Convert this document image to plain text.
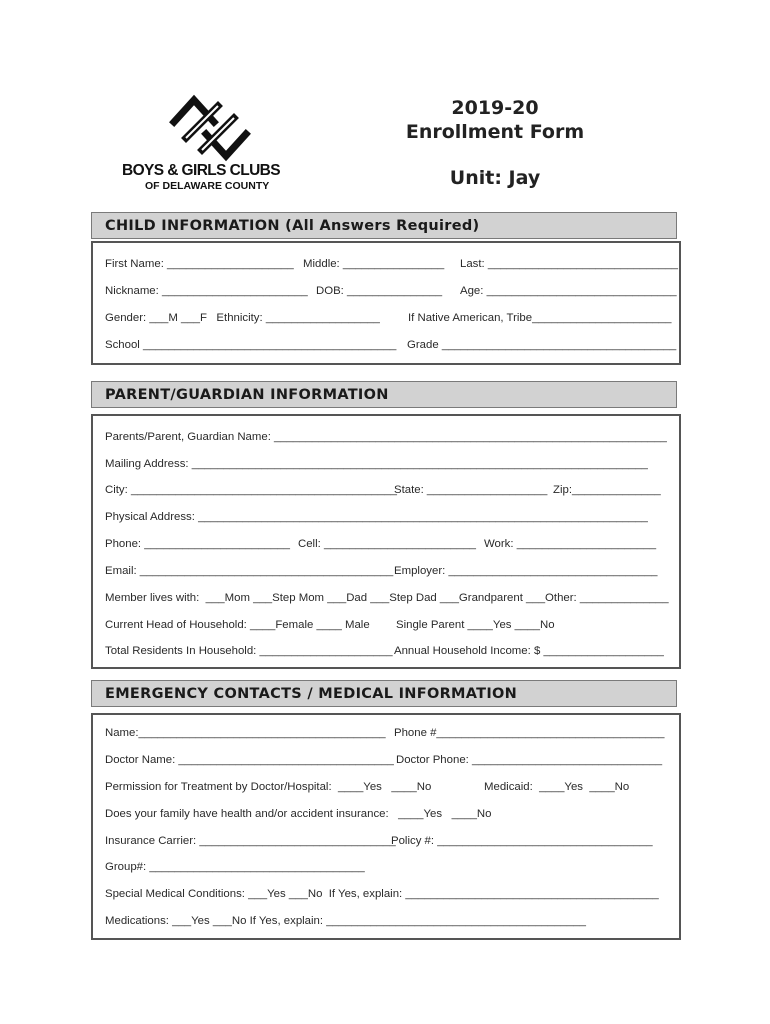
BOYS & GIRLS CLUBS
OF DELAWARE COUNTY
2019-20
Enrollment Form
Unit: Jay
CHILD INFORMATION (All Answers Required)
First Name: ____________________ Middle: ________________ Last: ______________________________
Nickname: _______________________ DOB: _______________ Age: ______________________________
Gender: ___M ___F   Ethnicity: __________________ If Native American, Tribe______________________
School ________________________________________ Grade _____________________________________
PARENT/GUARDIAN INFORMATION
Parents/Parent, Guardian Name: ______________________________________________________________
Mailing Address: ________________________________________________________________________
City: __________________________________________
State: ___________________ Zip:______________
Physical Address: _______________________________________________________________________
Phone: _______________________ Cell: ________________________ Work: ______________________
Email: ________________________________________ Employer: _________________________________
Member lives with:  ___Mom ___Step Mom ___Dad ___Step Dad ___Grandparent ___Other: ______________
Current Head of Household: ____Female ____ Male Single Parent ____Yes ____No
Total Residents In Household: _____________________ Annual Household Income: $ ___________________
EMERGENCY CONTACTS / MEDICAL INFORMATION
Name:_______________________________________ Phone #____________________________________
Doctor Name: __________________________________ Doctor Phone: ______________________________
Permission for Treatment by Doctor/Hospital:  ____Yes   ____No	Medicaid:  ____Yes  ____No
Does your family have health and/or accident insurance:   ____Yes   ____No
Insurance Carrier: _______________________________
Policy #: __________________________________
Group#: __________________________________
Special Medical Conditions: ___Yes ___No  If Yes, explain: ________________________________________
Medications: ___Yes ___No If Yes, explain: _________________________________________
